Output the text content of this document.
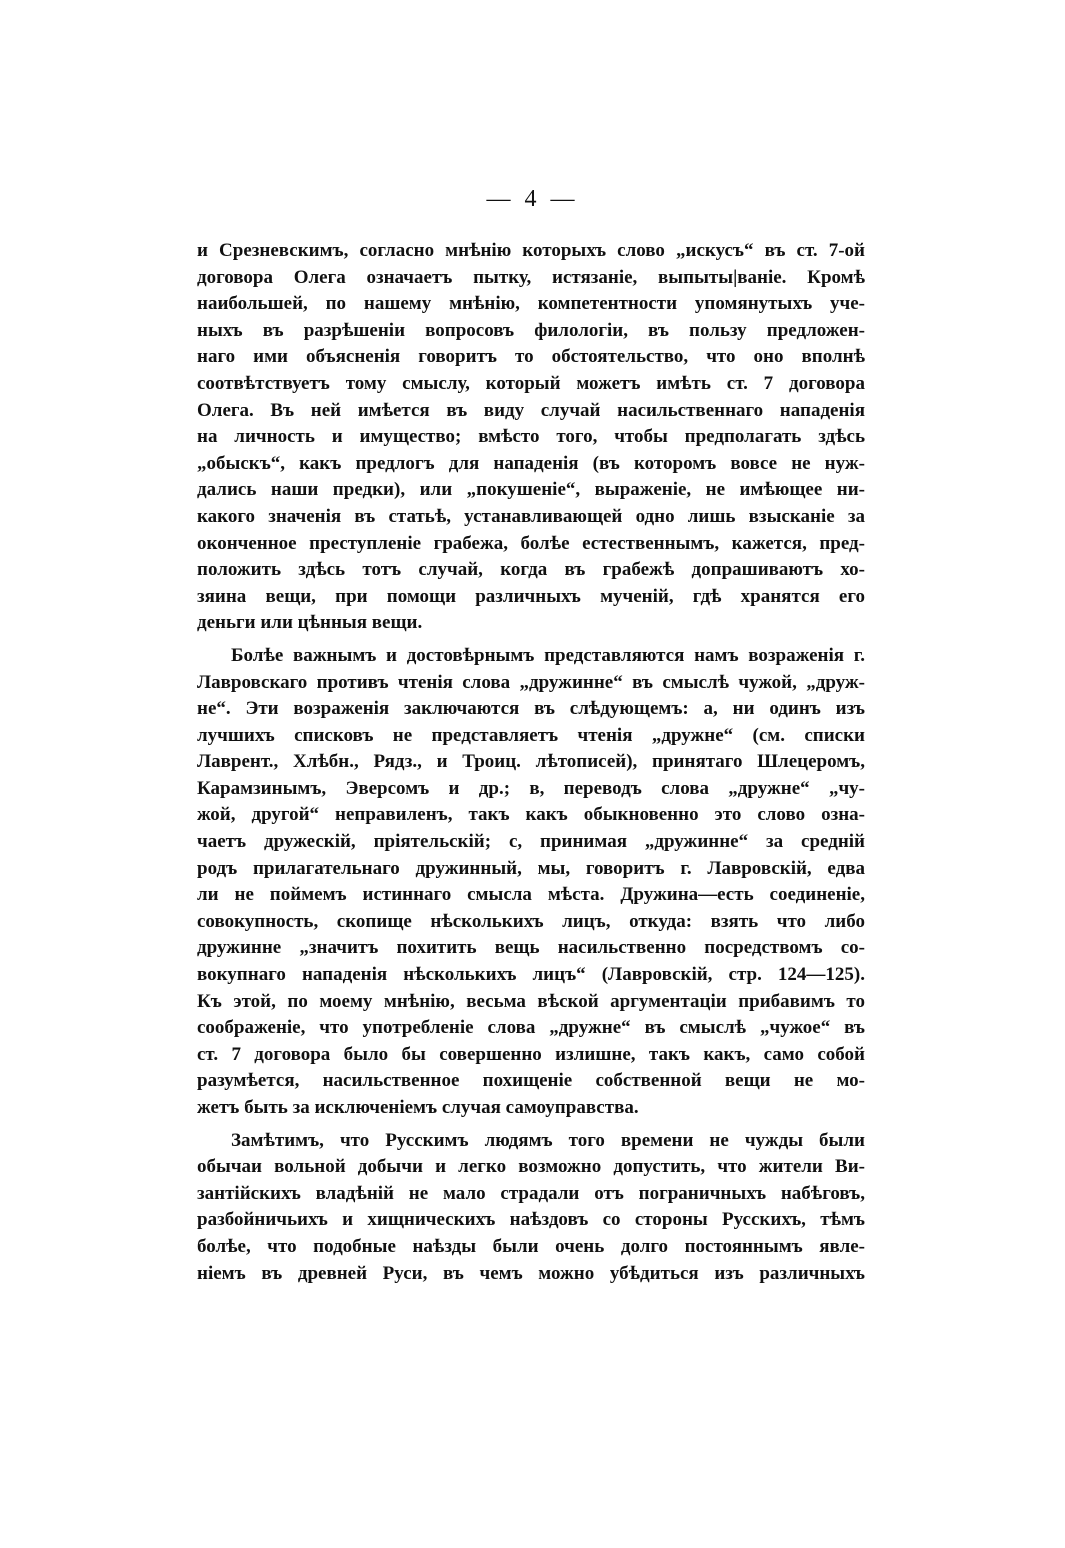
— 4 —
и Срезневскимъ, согласно мнѣнію которыхъ слово „искусъ“ въ ст. 7-ой
договора Олега означаетъ пытку, истязаніе, выпыты|ваніе. Кромѣ
наибольшей, по нашему мнѣнію, компетентности упомянутыхъ уче-
ныхъ въ разрѣшеніи вопросовъ филологіи, въ пользу предложен-
наго ими объясненія говоритъ то обстоятельство, что оно вполнѣ
соотвѣтствуетъ тому смыслу, который можетъ имѣть ст. 7 договора
Олега. Въ ней имѣется въ виду случай насильственнаго нападенія
на личность и имущество; вмѣсто того, чтобы предполагать здѣсь
„обыскъ“, какъ предлогъ для нападенія (въ которомъ вовсе не нуж-
дались наши предки), или „покушеніе“, выраженіе, не имѣющее ни-
какого значенія въ статьѣ, устанавливающей одно лишь взысканіе за
оконченное преступленіе грабежа, болѣе естественнымъ, кажется, пред-
положить здѣсь тотъ случай, когда въ грабежѣ допрашиваютъ хо-
зяина вещи, при помощи различныхъ мученій, гдѣ хранятся его
деньги или цѣнныя вещи.
Болѣе важнымъ и достовѣрнымъ представляются намъ возраженія г.
Лавровскаго противъ чтенія слова „дружинне“ въ смыслѣ чужой, „друж-
не“. Эти возраженія заключаются въ слѣдующемъ: а, ни одинъ изъ
лучшихъ списковъ не представляетъ чтенія „дружне“ (см. списки
Лаврент., Хлѣбн., Рядз., и Троиц. лѣтописей), принятаго Шлецеромъ,
Карамзинымъ, Эверсомъ и др.; в, переводъ слова „дружне“ „чу-
жой, другой“ неправиленъ, такъ какъ обыкновенно это слово озна-
чаетъ дружескій, пріятельскій; с, принимая „дружинне“ за средній
родъ прилагательнаго дружинный, мы, говоритъ г. Лавровскій, едва
ли не поймемъ истиннаго смысла мѣста. Дружина—есть соединеніе,
совокупность, скопище нѣсколькихъ лицъ, откуда: взять что либо
дружинне „значитъ похитить вещь насильственно посредствомъ со-
вокупнаго нападенія нѣсколькихъ лицъ“ (Лавровскій, стр. 124—125).
Къ этой, по моему мнѣнію, весьма вѣской аргументаціи прибавимъ то
соображеніе, что употребленіе слова „дружне“ въ смыслѣ „чужое“ въ
ст. 7 договора было бы совершенно излишне, такъ какъ, само собой
разумѣется, насильственное похищеніе собственной вещи не мо-
жетъ быть за исключеніемъ случая самоуправства.
Замѣтимъ, что Русскимъ людямъ того времени не чужды были
обычаи вольной добычи и легко возможно допустить, что жители Ви-
зантійскихъ владѣній не мало страдали отъ пограничныхъ набѣговъ,
разбойничьихъ и хищническихъ наѣздовъ со стороны Русскихъ, тѣмъ
болѣе, что подобные наѣзды были очень долго постояннымъ явле-
ніемъ въ древней Руси, въ чемъ можно убѣдиться изъ различныхъ
